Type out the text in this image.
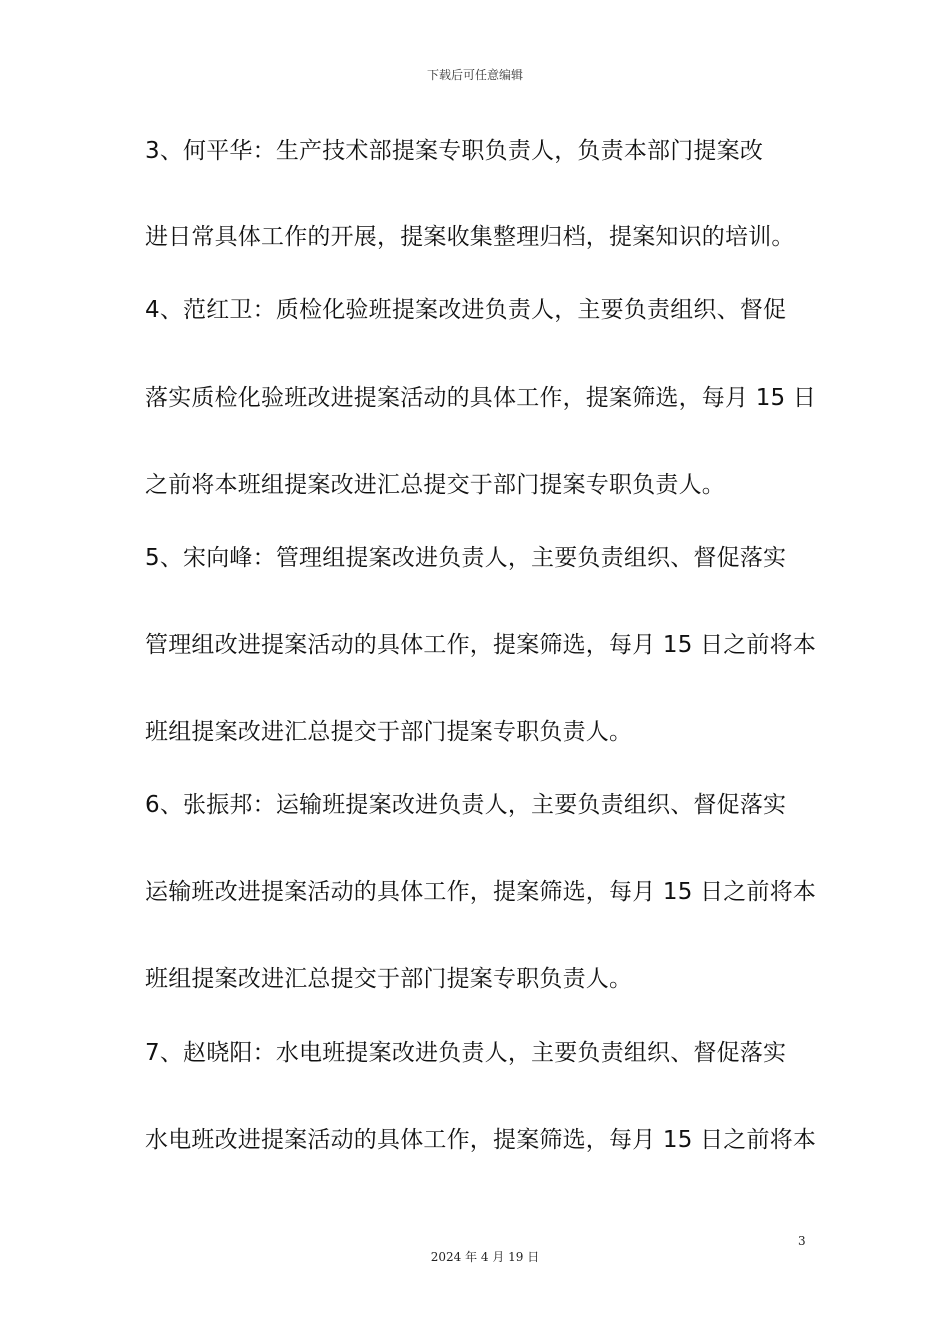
下载后可任意编辑
3、何平华：生产技术部提案专职负责人，负责本部门提案改
进日常具体工作的开展，提案收集整理归档，提案知识的培训。
4、范红卫：质检化验班提案改进负责人，主要负责组织、督促
落实质检化验班改进提案活动的具体工作，提案筛选，每月 15 日
之前将本班组提案改进汇总提交于部门提案专职负责人。
5、宋向峰：管理组提案改进负责人，主要负责组织、督促落实
管理组改进提案活动的具体工作，提案筛选，每月 15 日之前将本
班组提案改进汇总提交于部门提案专职负责人。
6、张振邦：运输班提案改进负责人，主要负责组织、督促落实
运输班改进提案活动的具体工作，提案筛选，每月 15 日之前将本
班组提案改进汇总提交于部门提案专职负责人。
7、赵晓阳：水电班提案改进负责人，主要负责组织、督促落实
水电班改进提案活动的具体工作，提案筛选，每月 15 日之前将本
3
2024 年 4 月 19 日
